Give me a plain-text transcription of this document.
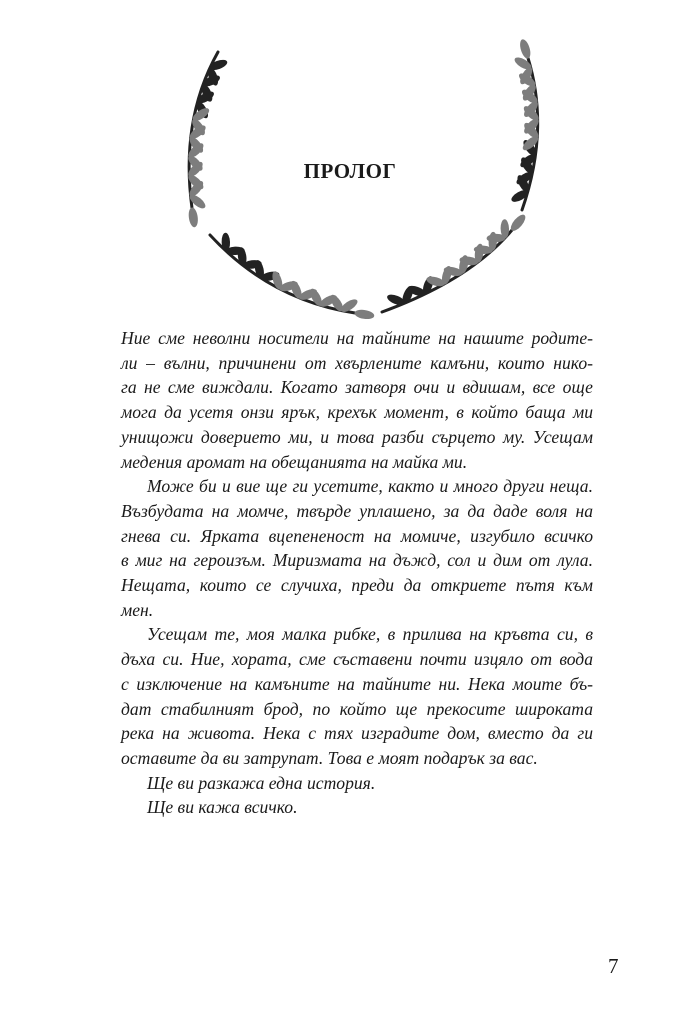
ПРОЛОГ

Ние сме неволни носители на тайните на нашите родите-
ли – вълни, причинени от хвърлените камъни, които нико-
га не сме виждали. Когато затворя очи и вдишам, все още
мога да усетя онзи ярък, крехък момент, в който баща ми
унищожи доверието ми, и това разби сърцето му. Усещам
медения аромат на обещанията на майка ми.

Може би и вие ще ги усетите, както и много други неща.
Възбудата на момче, твърде уплашено, за да даде воля на
гнева си. Ярката вцепененост на момиче, изгубило всичко
в миг на героизъм. Миризмата на дъжд, сол и дим от лула.
Нещата, които се случиха, преди да откриете пътя към
мен.

Усещам те, моя малка рибке, в прилива на кръвта си, в
дъха си. Ние, хората, сме съставени почти изцяло от вода
с изключение на камъните на тайните ни. Нека моите бъ-
дат стабилният брод, по който ще прекосите широката
река на живота. Нека с тях изградите дом, вместо да ги
оставите да ви затрупат. Това е моят подарък за вас.

Ще ви разкажа една история.

Ще ви кажа всичко.

7
